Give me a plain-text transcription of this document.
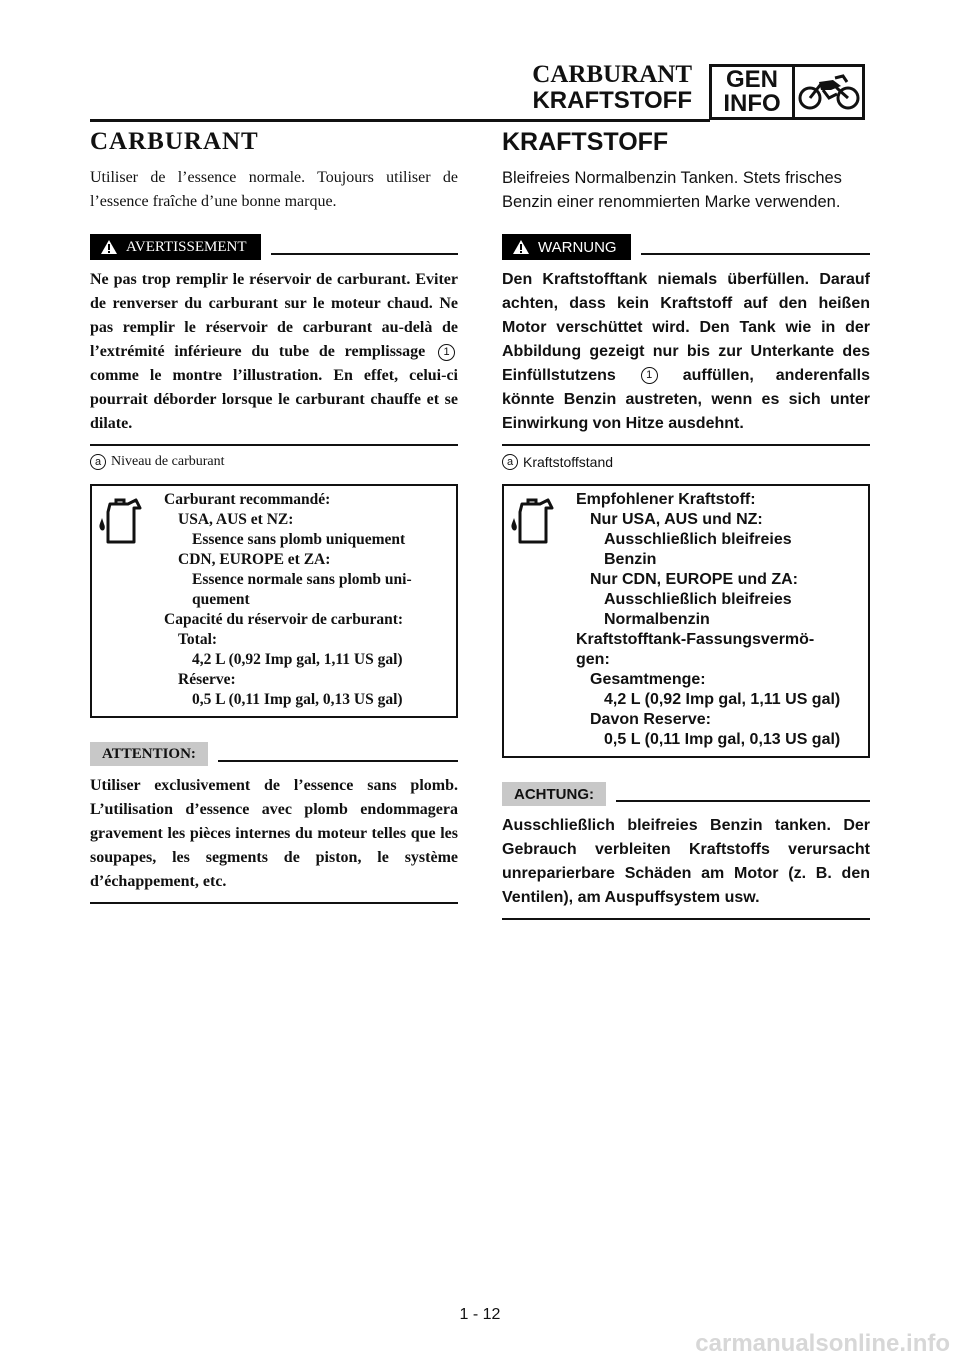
CARBURANT
KRAFTSTOFF
GEN
INFO
CARBURANT

Utiliser de l’essence normale. Toujours utiliser de l’essence fraîche d’une bonne marque.

AVERTISSEMENT

Ne pas trop remplir le réservoir de carburant. Eviter de renverser du carburant sur le moteur chaud. Ne pas remplir le réservoir de carburant au-delà de l’extrémité inférieure du tube de remplissage 1 comme le montre l’illustration. En effet, celui-ci pourrait déborder lorsque le carburant chauffe et se dilate.

a Niveau de carburant
Carburant recommandé:
USA, AUS et NZ:
Essence sans plomb uniquement
CDN, EUROPE et ZA:
Essence normale sans plomb uni-
quement
Capacité du réservoir de carburant:
Total:
4,2 L (0,92 Imp gal, 1,11 US gal)
Réserve:
0,5 L (0,11 Imp gal, 0,13 US gal)
ATTENTION:

Utiliser exclusivement de l’essence sans plomb. L’utilisation d’essence avec plomb endommagera gravement les pièces internes du moteur telles que les soupapes, les segments de piston, le système d’échappement, etc.

KRAFTSTOFF

Bleifreies Normalbenzin Tanken. Stets frisches Benzin einer renommierten Marke verwenden.

WARNUNG

Den Kraftstofftank niemals überfüllen. Darauf achten, dass kein Kraftstoff auf den heißen Motor verschüttet wird. Den Tank wie in der Abbildung gezeigt nur bis zur Unterkante des Einfüllstutzens	1 auffüllen, anderenfalls könnte Benzin austreten, wenn es sich unter Einwirkung von Hitze ausdehnt.

a Kraftstoffstand
Empfohlener Kraftstoff:
Nur USA, AUS und NZ:
Ausschließlich bleifreies
Benzin
Nur CDN, EUROPE und ZA:
Ausschließlich bleifreies
Normalbenzin
Kraftstofftank-Fassungsvermö-
gen:
Gesamtmenge:
4,2 L (0,92 Imp gal, 1,11 US gal)
Davon Reserve:
0,5 L (0,11 Imp gal, 0,13 US gal)
ACHTUNG:

Ausschließlich bleifreies Benzin tanken. Der Gebrauch verbleiten Kraftstoffs verursacht unreparierbare Schäden am Motor (z. B. den Ventilen), am Auspuffsystem usw.

1 - 12
carmanualsonline.info
